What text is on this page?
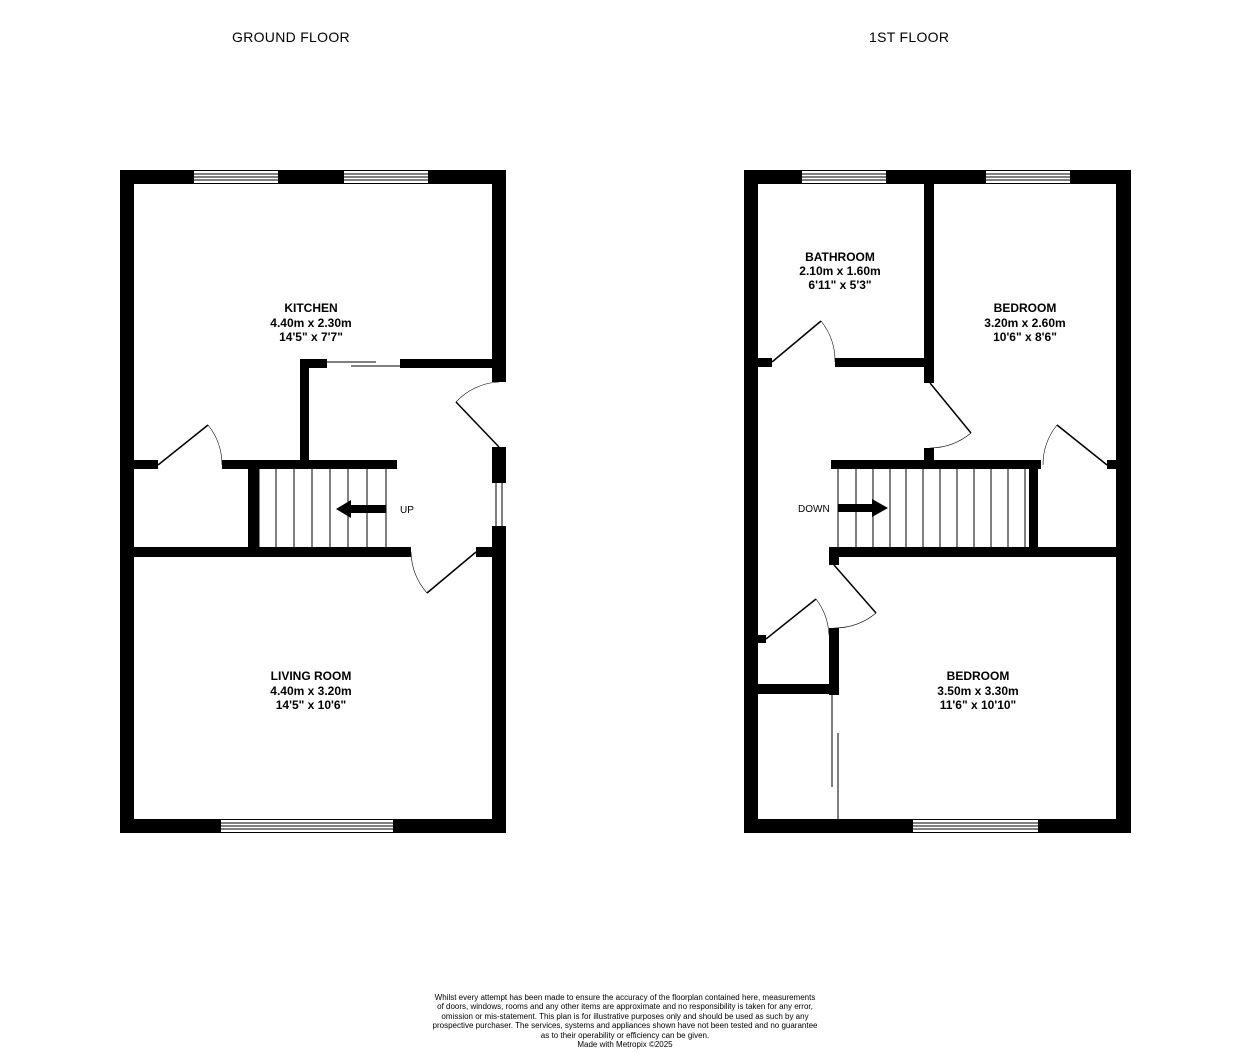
GROUND FLOOR	1ST FLOOR
UP
KITCHEN
4.40m x 2.30m
14'5" x 7'7"
LIVING ROOM
4.40m x 3.20m
14'5" x 10'6"
DOWN
BATHROOM
2.10m x 1.60m
6'11" x 5'3"
BEDROOM
3.20m x 2.60m
10'6" x 8'6"
BEDROOM
3.50m x 3.30m
11'6" x 10'10"
Whilst every attempt has been made to ensure the accuracy of the floorplan contained here, measurements
of doors, windows, rooms and any other items are approximate and no responsibility is taken for any error,
omission or mis-statement. This plan is for illustrative purposes only and should be used as such by any
prospective purchaser. The services, systems and appliances shown have not been tested and no guarantee
as to their operability or efficiency can be given.
Made with Metropix ©2025
